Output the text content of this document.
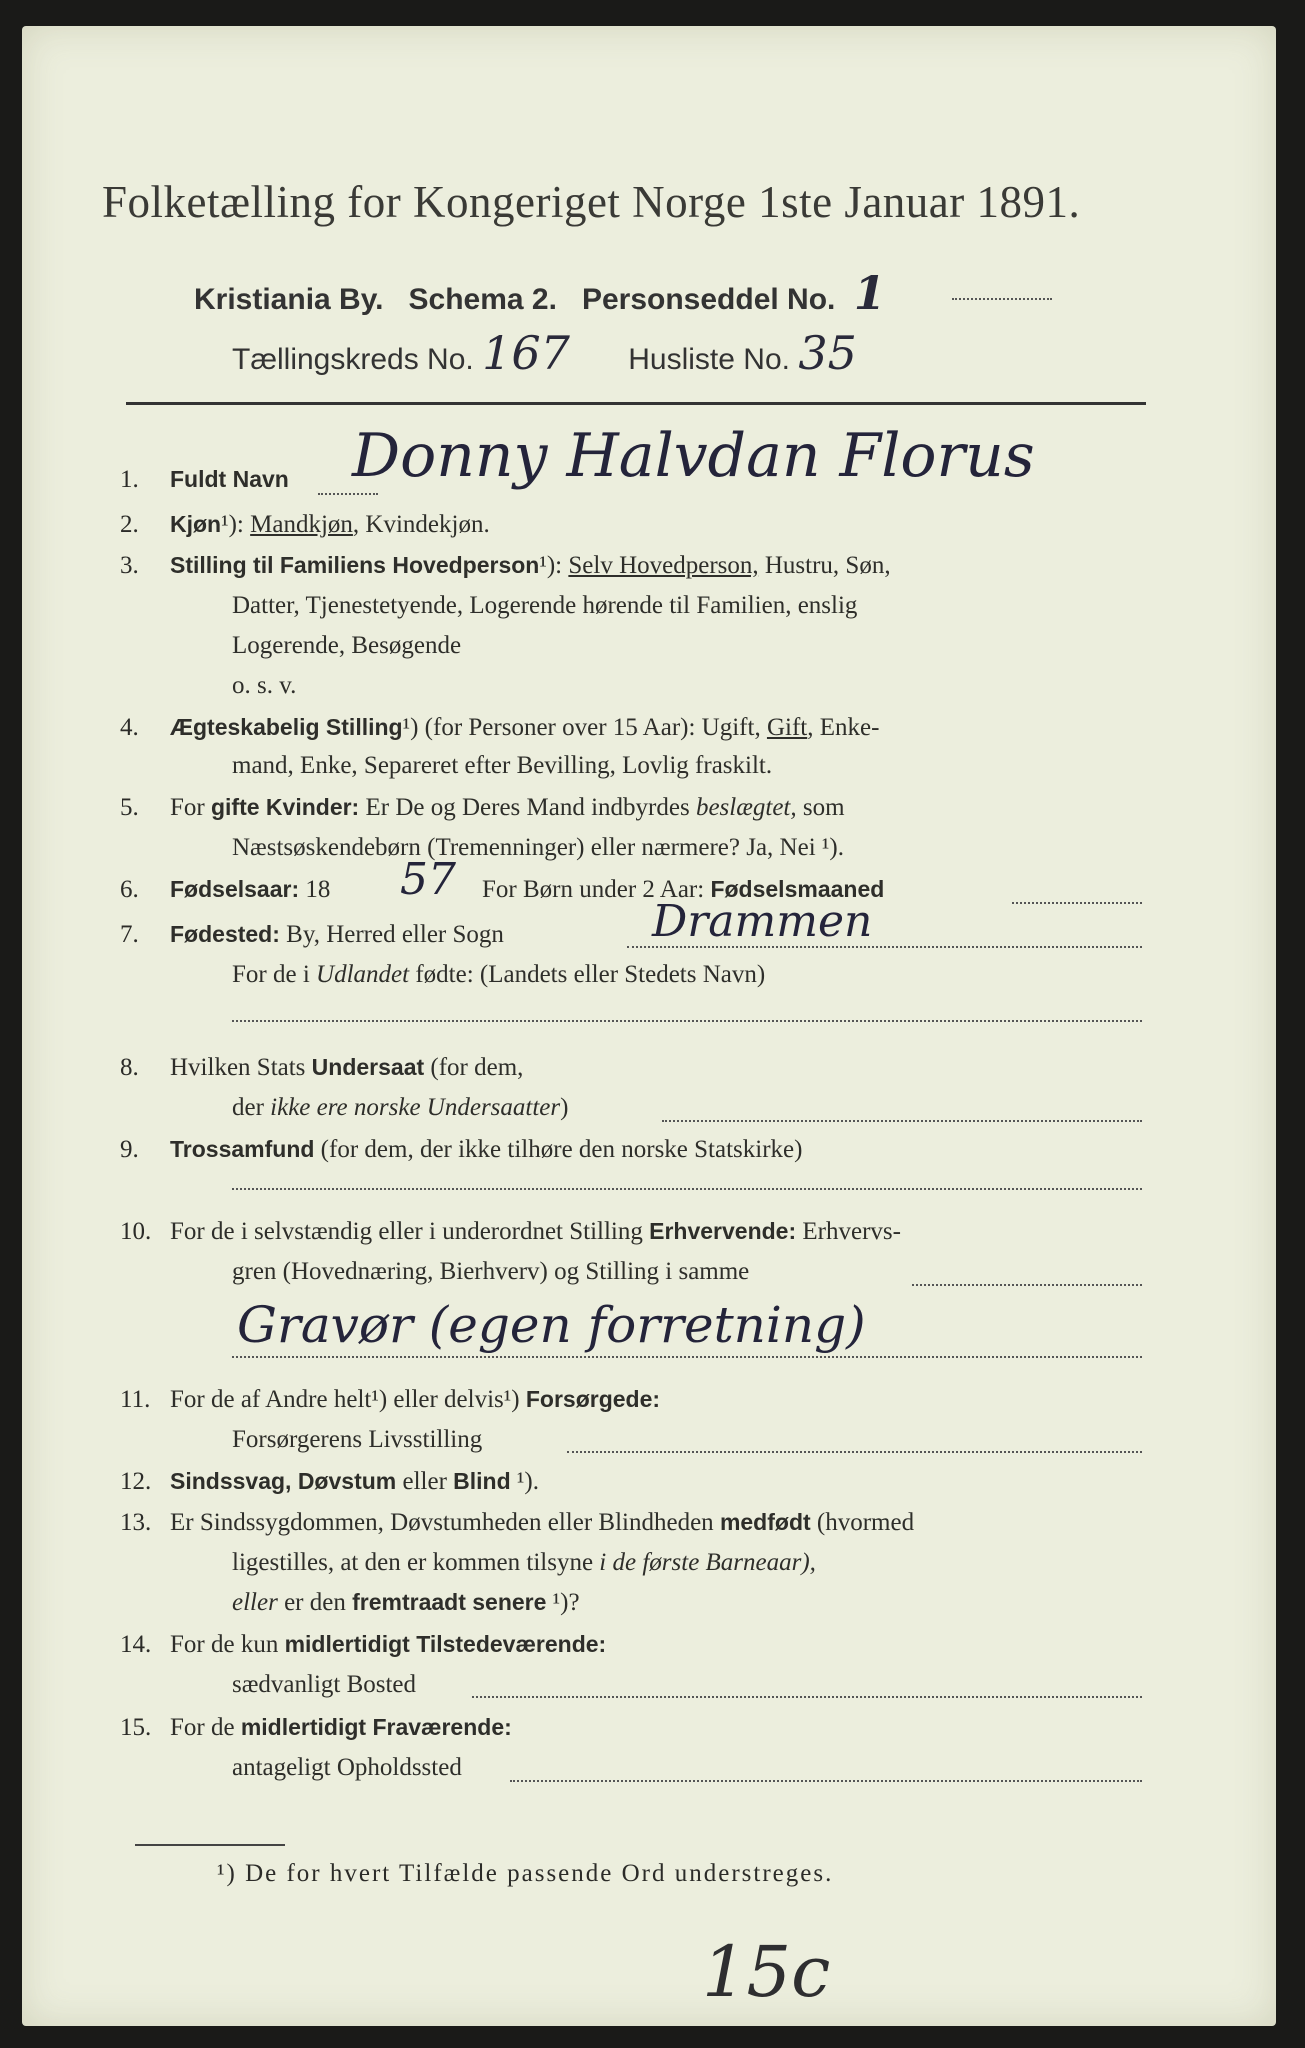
Folketælling for Kongeriget Norge 1ste Januar 1891.
Kristiania By. Schema 2. Personseddel No. 1
Tællingskreds No. 167 Husliste No. 35
1. Fuldt Navn Donny Halvdan Florus
2. Kjøn¹): Mandkjøn, Kvindekjøn.
3. Stilling til Familiens Hovedperson¹): Selv Hovedperson, Hustru, Søn,
Datter, Tjenestetyende, Logerende hørende til Familien, enslig
Logerende, Besøgende
o. s. v.
4. Ægteskabelig Stilling¹) (for Personer over 15 Aar): Ugift, Gift, Enke-
mand, Enke, Separeret efter Bevilling, Lovlig fraskilt.
5. For gifte Kvinder: Er De og Deres Mand indbyrdes beslægtet, som
Næstsøskendebørn (Tremenninger) eller nærmere? Ja, Nei ¹).
6. Fødselsaar: 18 57 For Børn under 2 Aar: Fødselsmaaned
7. Fødested: By, Herred eller Sogn	Drammen
For de i Udlandet fødte: (Landets eller Stedets Navn)
8. Hvilken Stats Undersaat (for dem,
der ikke ere norske Undersaatter)
9. Trossamfund (for dem, der ikke tilhøre den norske Statskirke)
10. For de i selvstændig eller i underordnet Stilling Erhvervende: Erhvervs-
gren (Hovednæring, Bierhverv) og Stilling i samme
Gravør (egen forretning)
11. For de af Andre helt¹) eller delvis¹) Forsørgede:
Forsørgerens Livsstilling
12. Sindssvag, Døvstum eller Blind ¹).
13. Er Sindssygdommen, Døvstumheden eller Blindheden medfødt (hvormed
ligestilles, at den er kommen tilsyne i de første Barneaar),
eller er den fremtraadt senere ¹)?
14. For de kun midlertidigt Tilstedeværende:
sædvanligt Bosted
15. For de midlertidigt Fraværende:
antageligt Opholdssted
¹) De for hvert Tilfælde passende Ord understreges.
15c
